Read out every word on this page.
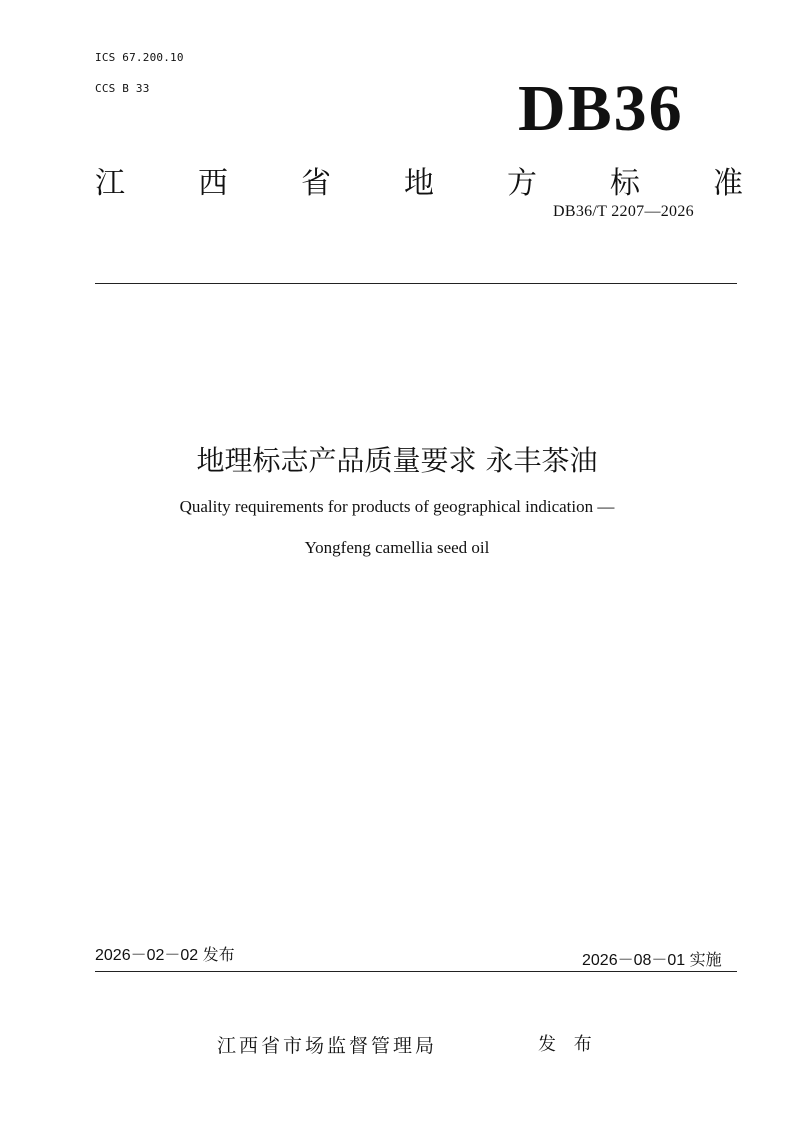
ICS 67.200.10
CCS B 33	DB36
江 西 省 地 方 标 准
DB36/T 2207—2026
地理标志产品质量要求 永丰茶油
Quality requirements for products of geographical indication —
Yongfeng camellia seed oil
2026－02－02 发布	2026－08－01 实施
江西省市场监督管理局	发 布
